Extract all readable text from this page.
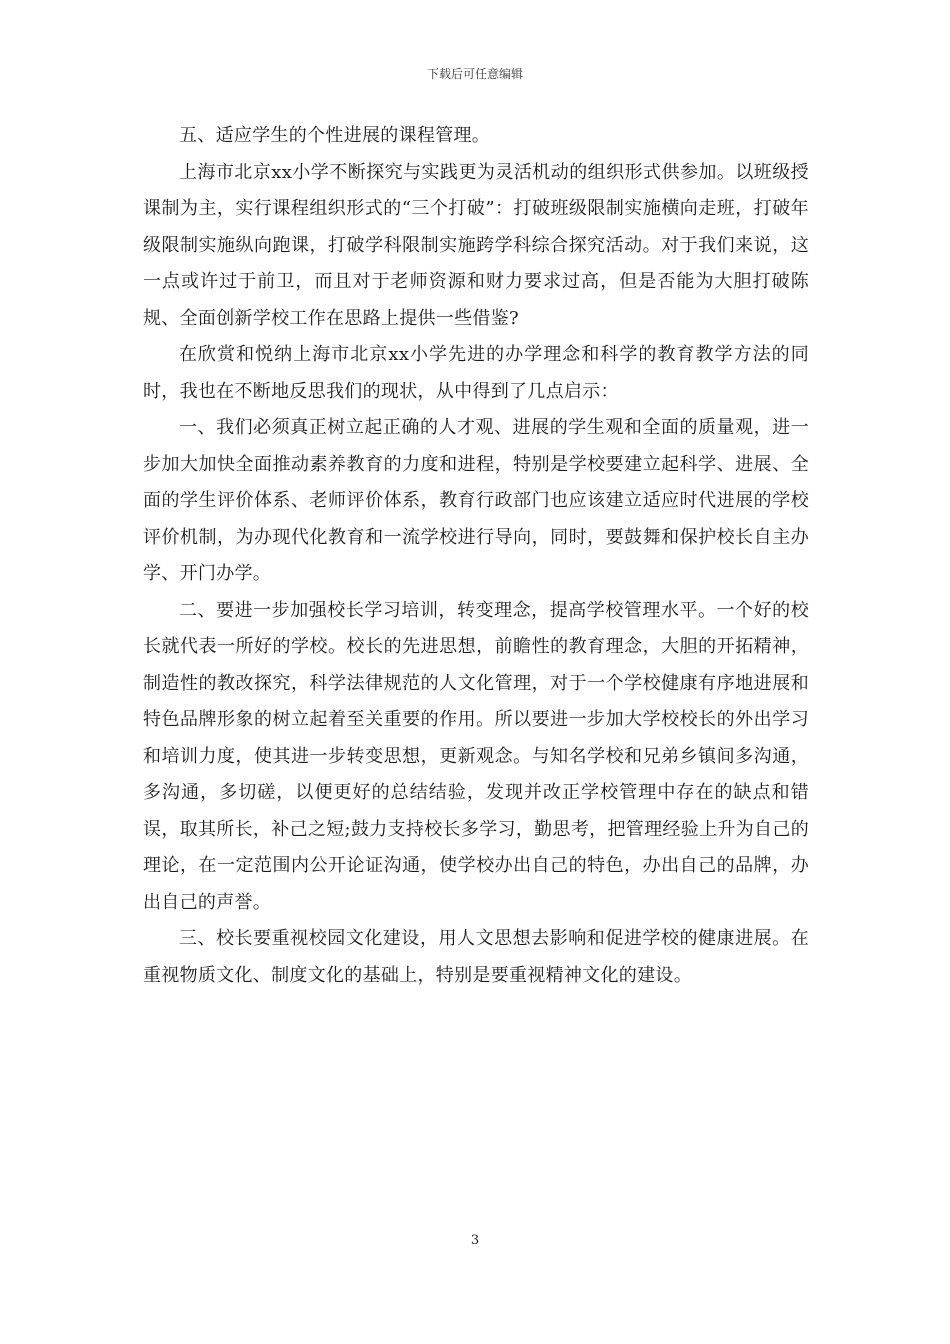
下载后可任意编辑

五、适应学生的个性进展的课程管理。

上海市北京xx小学不断探究与实践更为灵活机动的组织形式供参加。以班级授课制为主，实行课程组织形式的“三个打破”：打破班级限制实施横向走班，打破年级限制实施纵向跑课，打破学科限制实施跨学科综合探究活动。对于我们来说，这一点或许过于前卫，而且对于老师资源和财力要求过高，但是否能为大胆打破陈规、全面创新学校工作在思路上提供一些借鉴?

在欣赏和悦纳上海市北京xx小学先进的办学理念和科学的教育教学方法的同时，我也在不断地反思我们的现状，从中得到了几点启示：

一、我们必须真正树立起正确的人才观、进展的学生观和全面的质量观，进一步加大加快全面推动素养教育的力度和进程，特别是学校要建立起科学、进展、全面的学生评价体系、老师评价体系，教育行政部门也应该建立适应时代进展的学校评价机制，为办现代化教育和一流学校进行导向，同时，要鼓舞和保护校长自主办学、开门办学。

二、要进一步加强校长学习培训，转变理念，提高学校管理水平。一个好的校长就代表一所好的学校。校长的先进思想，前瞻性的教育理念，大胆的开拓精神，制造性的教改探究，科学法律规范的人文化管理，对于一个学校健康有序地进展和特色品牌形象的树立起着至关重要的作用。所以要进一步加大学校校长的外出学习和培训力度，使其进一步转变思想，更新观念。与知名学校和兄弟乡镇间多沟通，多沟通，多切磋，以便更好的总结结验，发现并改正学校管理中存在的缺点和错误，取其所长，补己之短;鼓力支持校长多学习，勤思考，把管理经验上升为自己的理论，在一定范围内公开论证沟通，使学校办出自己的特色，办出自己的品牌，办出自己的声誉。

三、校长要重视校园文化建设，用人文思想去影响和促进学校的健康进展。在重视物质文化、制度文化的基础上，特别是要重视精神文化的建设。

3
